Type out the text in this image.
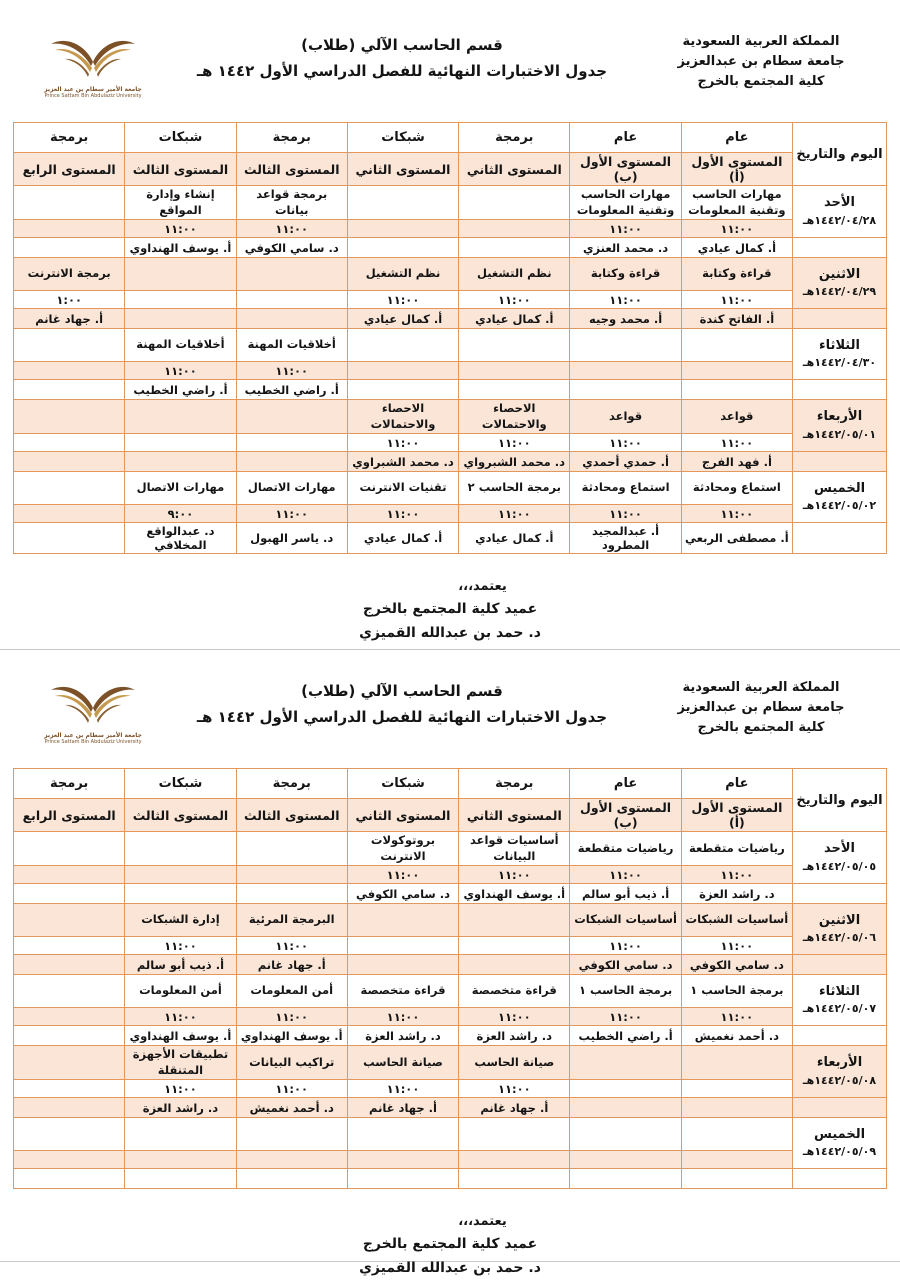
المملكة العربية السعودية
جامعة سطام بن عبدالعزيز
كلية المجتمع بالخرج
قسم الحاسب الآلي (طلاب)
جدول الاختبارات النهائية للفصل الدراسي الأول ١٤٤٢ هـ
جامعة الأمير سطام بن عبد العزيز
Prince Sattam Bin Abdulaziz University
اليوم والتاريخ	عام	عام	برمجة	شبكات	برمجة	شبكات	برمجة
	المستوى الأول (أ)	المستوى الأول (ب)	المستوى الثاني	المستوى الثاني	المستوى الثالث	المستوى الثالث	المستوى الرابع

الأحد
١٤٤٢/٠٤/٢٨هـ	مهارات الحاسب وتقنية المعلومات	مهارات الحاسب وتقنية المعلومات			برمجة قواعد بيانات	إنشاء وإدارة المواقع	
	١١:٠٠	١١:٠٠			١١:٠٠	١١:٠٠	
	أ. كمال عيادي	د. محمد العنزي			د. سامي الكوفي	أ. يوسف الهنداوي	

الاثنين
١٤٤٢/٠٤/٢٩هـ	قراءة وكتابة	قراءة وكتابة	نظم التشغيل	نظم التشغيل			برمجة الانترنت
	١١:٠٠	١١:٠٠	١١:٠٠	١١:٠٠			١:٠٠
	أ. الفاتح كندة	أ. محمد وجيه	أ. كمال عيادي	أ. كمال عيادي			أ. جهاد غانم

الثلاثاء
١٤٤٢/٠٤/٣٠هـ					أخلاقيات المهنة	أخلاقيات المهنة	
					١١:٠٠	١١:٠٠	
					أ. راضي الخطيب	أ. راضي الخطيب	

الأربعاء
١٤٤٢/٠٥/٠١هـ	قواعد	قواعد	الاحصاء والاحتمالات	الاحصاء والاحتمالات			
	١١:٠٠	١١:٠٠	١١:٠٠	١١:٠٠			
	أ. فهد الفرج	أ. حمدي أحمدي	د. محمد الشبرواي	د. محمد الشبراوي			

الخميس
١٤٤٢/٠٥/٠٢هـ	استماع ومحادثة	استماع ومحادثة	برمجة الحاسب ٢	تقنيات الانترنت	مهارات الاتصال	مهارات الاتصال	
	١١:٠٠	١١:٠٠	١١:٠٠	١١:٠٠	١١:٠٠	٩:٠٠	
	أ. مصطفى الربعي	أ. عبدالمجيد المطرود	أ. كمال عيادي	أ. كمال عيادي	د. ياسر الهبول	د. عبدالواقع المخلافي	
يعتمد،،،
عميد كلية المجتمع بالخرج
د. حمد بن عبدالله القميزي
المملكة العربية السعودية
جامعة سطام بن عبدالعزيز
كلية المجتمع بالخرج
قسم الحاسب الآلي (طلاب)
جدول الاختبارات النهائية للفصل الدراسي الأول ١٤٤٢ هـ
جامعة الأمير سطام بن عبد العزيز
Prince Sattam Bin Abdulaziz University
اليوم والتاريخ	عام	عام	برمجة	شبكات	برمجة	شبكات	برمجة
	المستوى الأول (أ)	المستوى الأول (ب)	المستوى الثاني	المستوى الثاني	المستوى الثالث	المستوى الثالث	المستوى الرابع

الأحد
١٤٤٢/٠٥/٠٥هـ	رياضيات متقطعة	رياضيات متقطعة	أساسيات قواعد البيانات	بروتوكولات الانترنت			
	١١:٠٠	١١:٠٠	١١:٠٠	١١:٠٠			
	د. راشد العزة	أ. ذيب أبو سالم	أ. يوسف الهنداوي	د. سامي الكوفي			

الاثنين
١٤٤٢/٠٥/٠٦هـ	أساسيات الشبكات	أساسيات الشبكات			البرمجة المرئية	إدارة الشبكات	
	١١:٠٠	١١:٠٠			١١:٠٠	١١:٠٠	
	د. سامي الكوفي	د. سامي الكوفي			أ. جهاد غانم	أ. ذيب أبو سالم	

الثلاثاء
١٤٤٢/٠٥/٠٧هـ	برمجة الحاسب ١	برمجة الحاسب ١	قراءة متخصصة	قراءة متخصصة	أمن المعلومات	أمن المعلومات	
	١١:٠٠	١١:٠٠	١١:٠٠	١١:٠٠	١١:٠٠	١١:٠٠	
	د. أحمد نغميش	أ. راضي الخطيب	د. راشد العزة	د. راشد العزة	أ. يوسف الهنداوي	أ. يوسف الهنداوي	

الأربعاء
١٤٤٢/٠٥/٠٨هـ			صيانة الحاسب	صيانة الحاسب	تراكيب البيانات	تطبيقات الأجهزة المتنقلة	
			١١:٠٠	١١:٠٠	١١:٠٠	١١:٠٠	
			أ. جهاد غانم	أ. جهاد غانم	د. أحمد نغميش	د. راشد العزة	

الخميس
١٤٤٢/٠٥/٠٩هـ							

يعتمد،،،
عميد كلية المجتمع بالخرج
د. حمد بن عبدالله القميزي
